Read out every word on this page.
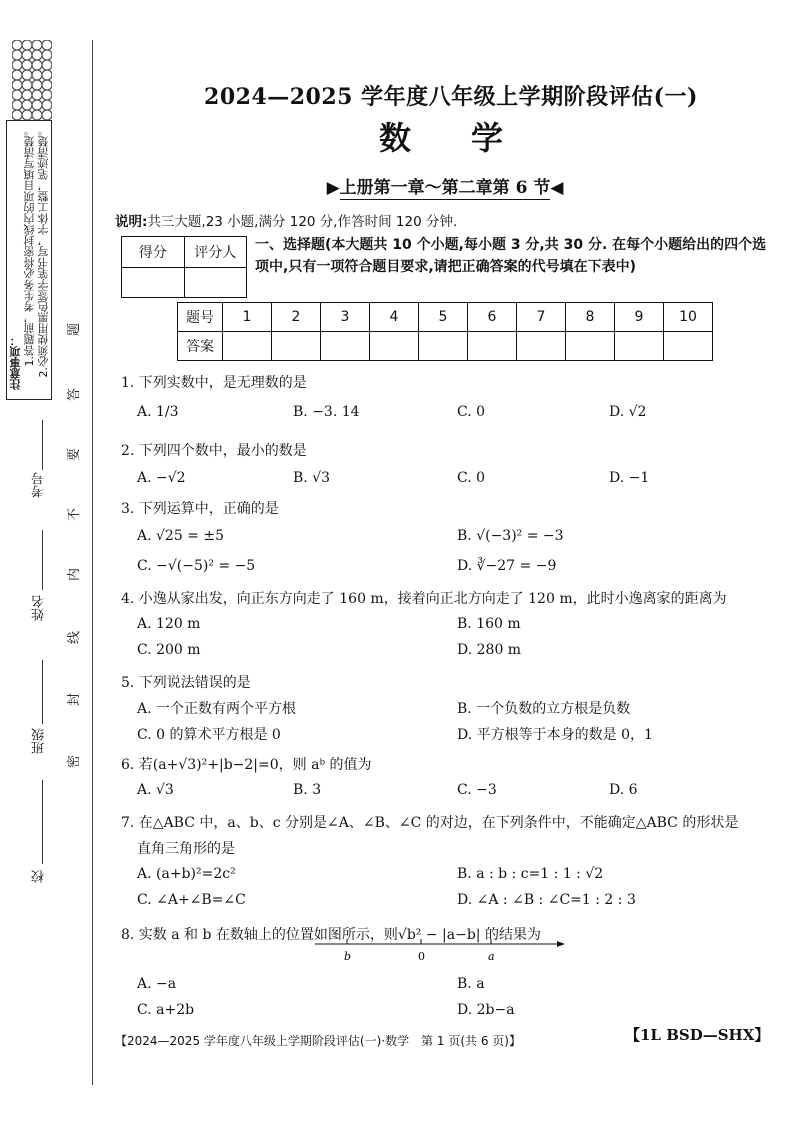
注意事项： 1.答题前，考生务必将密封线内的项目填写清楚。 2.必须使用黑色签字笔书写，字体工整，笔迹清楚。
考号
姓名
班级
校
题
答
要
不
内
线
封
密
2024—2025 学年度八年级上学期阶段评估(一)
数学
▶上册第一章～第二章第 6 节◀
说明:共三大题,23 小题,满分 120 分,作答时间 120 分钟.
得分	评分人
	一、选择题(本大题共 10 个小题,每小题 3 分,共 30 分. 在每个小题给出的四个选项中,只有一项符合题目要求,请把正确答案的代号填在下表中)
题号	1	2	3	4	5	6	7	8	9	10
答案										
1. 下列实数中，是无理数的是
A. 1/3	B. −3. 14	C. 0	D. √2
2. 下列四个数中，最小的数是
A. −√2	B. √3	C. 0	D. −1
3. 下列运算中，正确的是
A. √25 = ±5	B. √(−3)² = −3
C. −√(−5)² = −5	D. ∛−27 = −9
4. 小逸从家出发，向正东方向走了 160 m，接着向正北方向走了 120 m，此时小逸离家的距离为
A. 120 m	B. 160 m
C. 200 m	D. 280 m
5. 下列说法错误的是
A. 一个正数有两个平方根	B. 一个负数的立方根是负数
C. 0 的算术平方根是 0	D. 平方根等于本身的数是 0，1
6. 若(a+√3)²+|b−2|=0，则 aᵇ 的值为
A. √3	B. 3	C. −3	D. 6
7. 在△ABC 中，a、b、c 分别是∠A、∠B、∠C 的对边，在下列条件中，不能确定△ABC 的形状是
直角三角形的是
A. (a+b)²=2c²	B. a : b : c=1 : 1 : √2
C. ∠A+∠B=∠C	D. ∠A : ∠B : ∠C=1 : 2 : 3
8. 实数 a 和 b 在数轴上的位置如图所示，则√b² − |a−b| 的结果为
A. −a	B. a
C. a+2b	D. 2b−a
b	0	a
【2024—2025 学年度八年级上学期阶段评估(一)·数学　第 1 页(共 6 页)】	【1L BSD—SHX】
